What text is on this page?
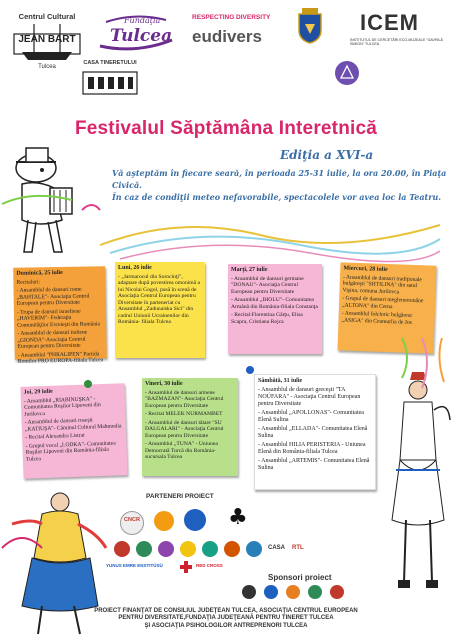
Centrul Cultural
JEAN BART
Tulcea
Fundaţia
Tulcea
RESPECTING DIVERSITY
eudivers
ICEM
INSTITUTUL DE CERCETĂRI ECO-MUZEALE "GAVRILĂ SIMION" TULCEA
CASA TINERETULUI
Festivalul Săptămâna Interetnică
Ediţia a XVI-a
Vă aşteptăm în fiecare seară, în perioada 25-31 iulie, la ora 20.00, în Piaţa Civică.
În caz de condiţii meteo nefavorabile, spectacolele vor avea loc la Teatru.
Duminică, 25 iulie
Recitaluri:
- Ansamblul de dansuri rome „BAHTALE"- Asociaţia Centrul European pentru Diversitate
- Trupa de dansuri israeliene „HAVERIM"- Federaţia Comunităţilor Evreieşti din România
- Ansamblul de dansuri italiene „GIONDA"-Asociaţia Centrul European pentru Diversitate
- Ansamblul "PHRALIPEN" Partida Romilor PRO EUROPA-filiala Tulcea
Luni, 26 iulie
- „Jarmarocul din Sorocinţi", adaptare după povestirea omonimă a lui Nicolai Gogol, pusă în scenă de Asociaţia Centrul European pentru Diversitate în parteneriat cu Ansamblul „Zadunaiska Sici" din cadrul Uniunii Ucrainenilor din România- filiala Tulcea
Marţi, 27 iulie
- Ansamblul de dansuri germane "DONAU"- Asociaţia Centrul European pentru Diversitate
- Ansamblul „IHOLU"- Comunitatea Armână din România-filiala Constanţa
- Recital:Florentina Gârţu, Elisa Scapra, Cristiana Rojca
Miercuri, 28 iulie
- Ansamblul de dansuri tradiţionale bulgăreşti "SHTILINA" din satul Vişina, comuna Jurilovca
- Grupul de dansuri meglenoromâne „ALTONA" din Cerna
- Ansamblul folcloric bulgăresc „ASIGA" din Ceamurlia de Jos
Joi, 29 iulie
- Ansamblul „RIABINUŞKA" - Comunitatea Ruşilor Lipoveni din Jurilovca
- Ansamblul de dansuri ruseşti „KATIUŞA"- Căminul Cultural Mahmudia
- Recital Alexandra Listrat
- Grupul vocal „LODKA"- Comunitatea Ruşilor Lipoveni din România-filiala Tulcea
Vineri, 30 iulie
- Ansamblul de dansuri armene "BAZMAZAN"- Asociaţia Centrul European pentru Diversitate
- Recital MELEK NURMAMBET
- Ansamblul de dansuri tătare "SU DALGALARI" - Asociaţia Centrul European pentru Diversitate
- Ansamblul „TUNA" - Uniunea Democrată Turcă din România-sucursala Tulcea
Sâmbătă, 31 iulie
- Ansamblul de dansuri greceşti "TA NOÚFARA" - Asociaţia Centrul European pentru Diversitate
- Ansamblul „APOLLONAS"- Comunitatea Elenă Sulina
- Ansamblul „ELLADA"- Comunitatea Elenă Sulina
- Ansamblul HILIA PERISTERIA - Uniunea Elenă din România-filiala Tulcea
- Ansamblul „ARTEMIS"- Comunitatea Elenă Sulina
PARTENERI PROIECT
CNCR	♣
CASA RTL
YUNUS EMRE ENSTITÜSÜ	RED CROSS
Sponsori proiect
PROIECT FINANŢAT DE CONSILIUL JUDEŢEAN TULCEA, ASOCIAŢIA CENTRUL EUROPEAN
PENTRU DIVERSITATE,FUNDAŢIA JUDEŢEANĂ PENTRU TINERET TULCEA
ŞI ASOCIAŢIA PSIHOLOGILOR ANTREPRENORI TULCEA
